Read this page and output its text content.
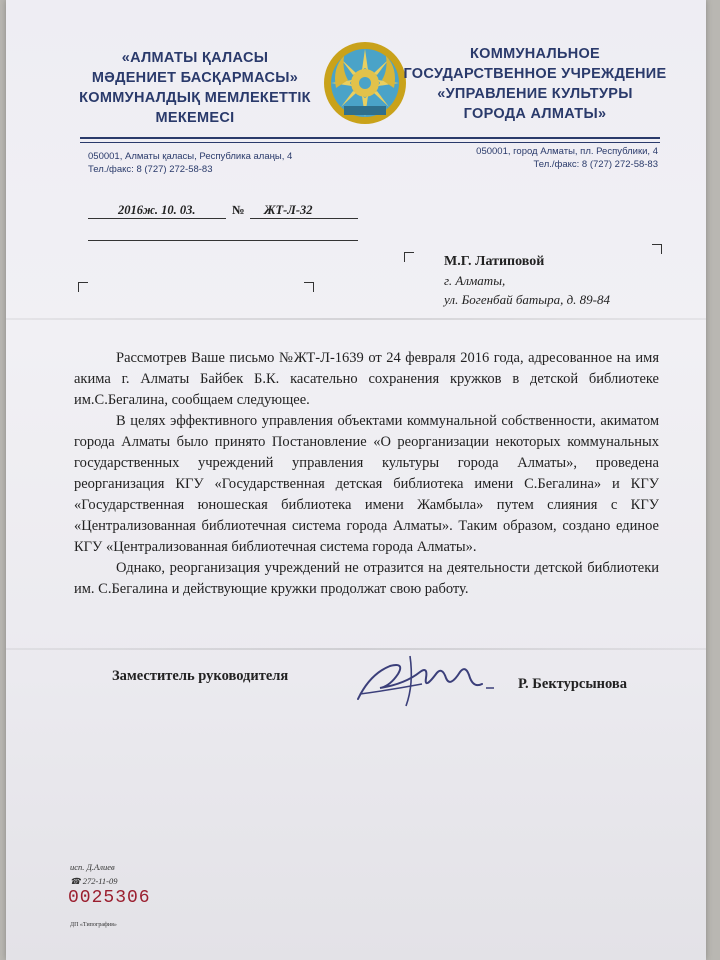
«АЛМАТЫ ҚАЛАСЫ
МӘДЕНИЕТ БАСҚАРМАСЫ»
КОММУНАЛДЫҚ МЕМЛЕКЕТТІК
МЕКЕМЕСІ
КОММУНАЛЬНОЕ
ГОСУДАРСТВЕННОЕ УЧРЕЖДЕНИЕ
«УПРАВЛЕНИЕ КУЛЬТУРЫ
ГОРОДА АЛМАТЫ»
050001, Алматы қаласы, Республика алаңы, 4
Тел./факс: 8 (727) 272-58-83
050001, город Алматы, пл. Республики, 4
Тел./факс: 8 (727) 272-58-83
2016ж. 10. 03.	№ ЖТ-Л-32
М.Г. Латиповой
г. Алматы,
ул. Богенбай батыра, д. 89-84

Рассмотрев Ваше письмо №ЖТ-Л-1639 от 24 февраля 2016 года, адресованное на имя акима г. Алматы Байбек Б.К. касательно сохранения кружков в детской библиотеке им.С.Бегалина, сообщаем следующее.

В целях эффективного управления объектами коммунальной собственности, акиматом города Алматы было принято Постановление «О реорганизации некоторых коммунальных государственных учреждений управления культуры города Алматы», проведена реорганизация КГУ «Государственная детская библиотека имени С.Бегалина» и КГУ «Государственная юношеская библиотека имени Жамбыла» путем слияния с КГУ «Централизованная библиотечная система города Алматы». Таким образом, создано единое КГУ «Централизованная библиотечная система города Алматы».

Однако, реорганизация учреждений не отразится на деятельности детской библиотеки им. С.Бегалина и действующие кружки продолжат свою работу.

Заместитель руководителя	Р. Бектурсынова
исп. Д.Алиев
☎ 272-11-09
0025306
ДП «Типография»
